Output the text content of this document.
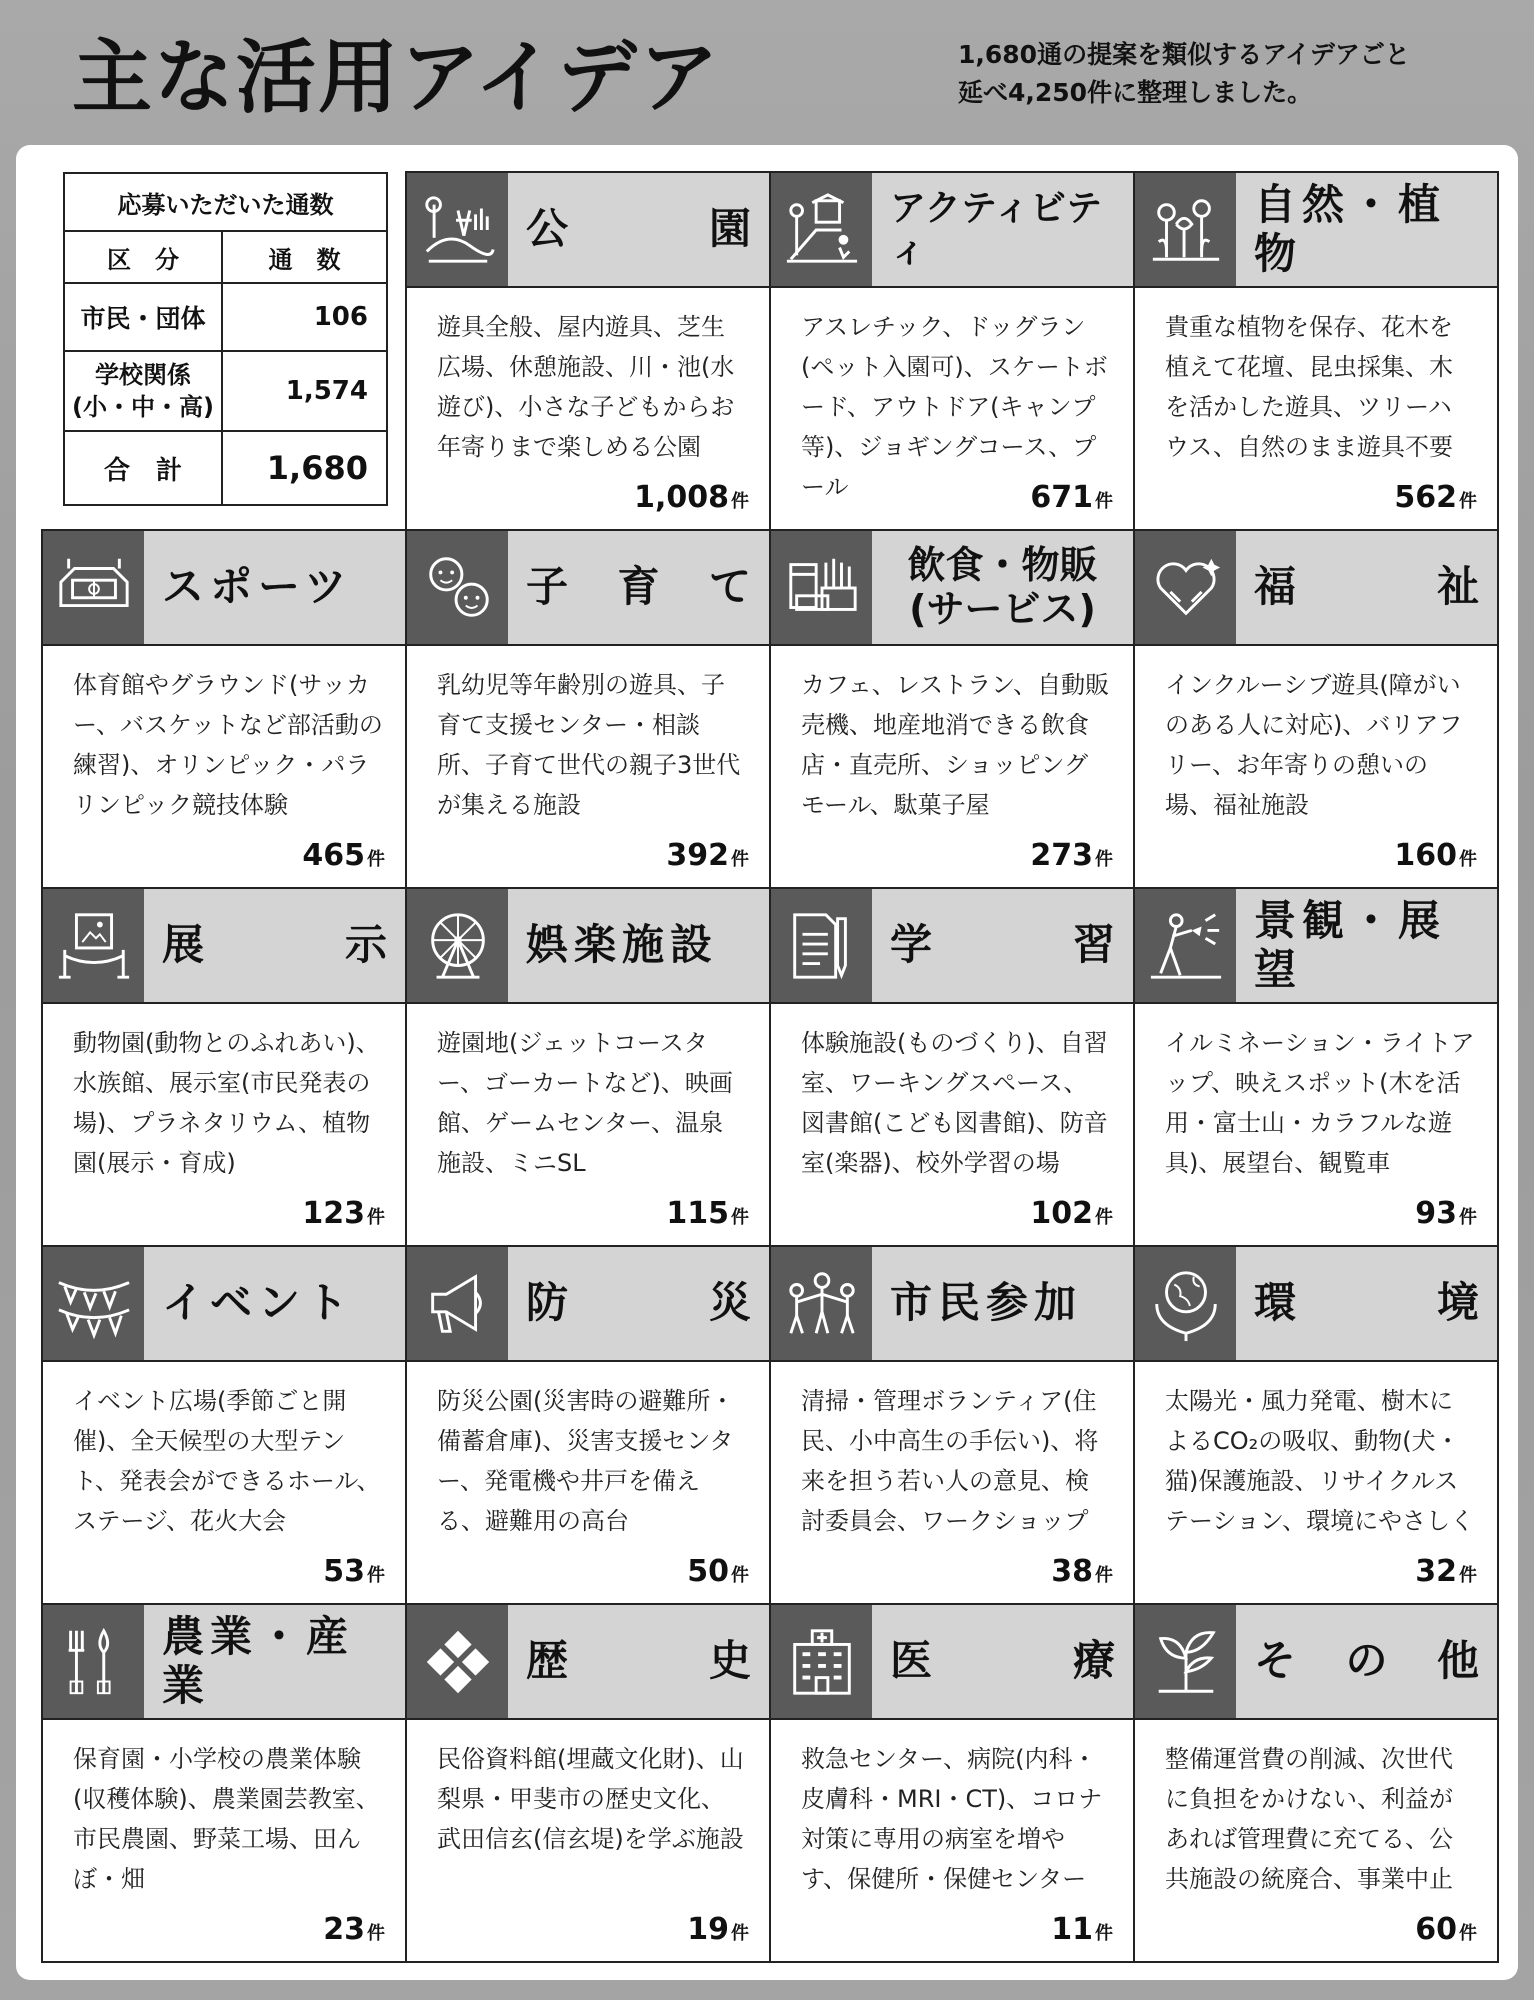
主な活用アイデア	1,680通の提案を類似するアイデアごと
延べ4,250件に整理しました。
公	園
遊具全般、屋内遊具、芝生広場、休憩施設、川・池(水遊び)、小さな子どもからお年寄りまで楽しめる公園
1,008 件
アクティビティ
アスレチック、ドッグラン(ペット入園可)、スケートボード、アウトドア(キャンプ等)、ジョギングコース、プール	671 件
自然・植物
貴重な植物を保存、花木を植えて花壇、昆虫採集、木を活かした遊具、ツリーハウス、自然のまま遊具不要
562 件
スポーツ
体育館やグラウンド(サッカー、バスケットなど部活動の練習)、オリンピック・パラリンピック競技体験
465 件
子 育 て
乳幼児等年齢別の遊具、子育て支援センター・相談所、子育て世代の親子3世代が集える施設
392 件
飲食・物販
(サービス)
カフェ、レストラン、自動販売機、地産地消できる飲食店・直売所、ショッピングモール、駄菓子屋
273 件
福	祉
インクルーシブ遊具(障がいのある人に対応)、バリアフリー、お年寄りの憩いの場、福祉施設
160 件
展	示
動物園(動物とのふれあい)、水族館、展示室(市民発表の場)、プラネタリウム、植物園(展示・育成)
123 件
娯楽施設
遊園地(ジェットコースター、ゴーカートなど)、映画館、ゲームセンター、温泉施設、ミニSL
115 件
学	習
体験施設(ものづくり)、自習室、ワーキングスペース、図書館(こども図書館)、防音室(楽器)、校外学習の場
102 件
景観・展望
イルミネーション・ライトアップ、映えスポット(木を活用・富士山・カラフルな遊具)、展望台、観覧車
93 件
イベント
イベント広場(季節ごと開催)、全天候型の大型テント、発表会ができるホール、ステージ、花火大会
53 件
防	災
防災公園(災害時の避難所・備蓄倉庫)、災害支援センター、発電機や井戸を備える、避難用の高台
50 件
市民参加
清掃・管理ボランティア(住民、小中高生の手伝い)、将来を担う若い人の意見、検討委員会、ワークショップ
38 件
環	境
太陽光・風力発電、樹木によるCO₂の吸収、動物(犬・猫)保護施設、リサイクルステーション、環境にやさしく
32 件
農業・産業
保育園・小学校の農業体験(収穫体験)、農業園芸教室、市民農園、野菜工場、田んぼ・畑
23 件
歴	史
民俗資料館(埋蔵文化財)、山梨県・甲斐市の歴史文化、武田信玄(信玄堤)を学ぶ施設
19 件
医	療
救急センター、病院(内科・皮膚科・MRI・CT)、コロナ対策に専用の病室を増やす、保健所・保健センター
11 件
そ の 他
整備運営費の削減、次世代に負担をかけない、利益があれば管理費に充てる、公共施設の統廃合、事業中止
60 件
応募いただいた通数
区　分	通　数
市民・団体	106
学校関係
(小・中・高)
1,574
合　計	1,680
